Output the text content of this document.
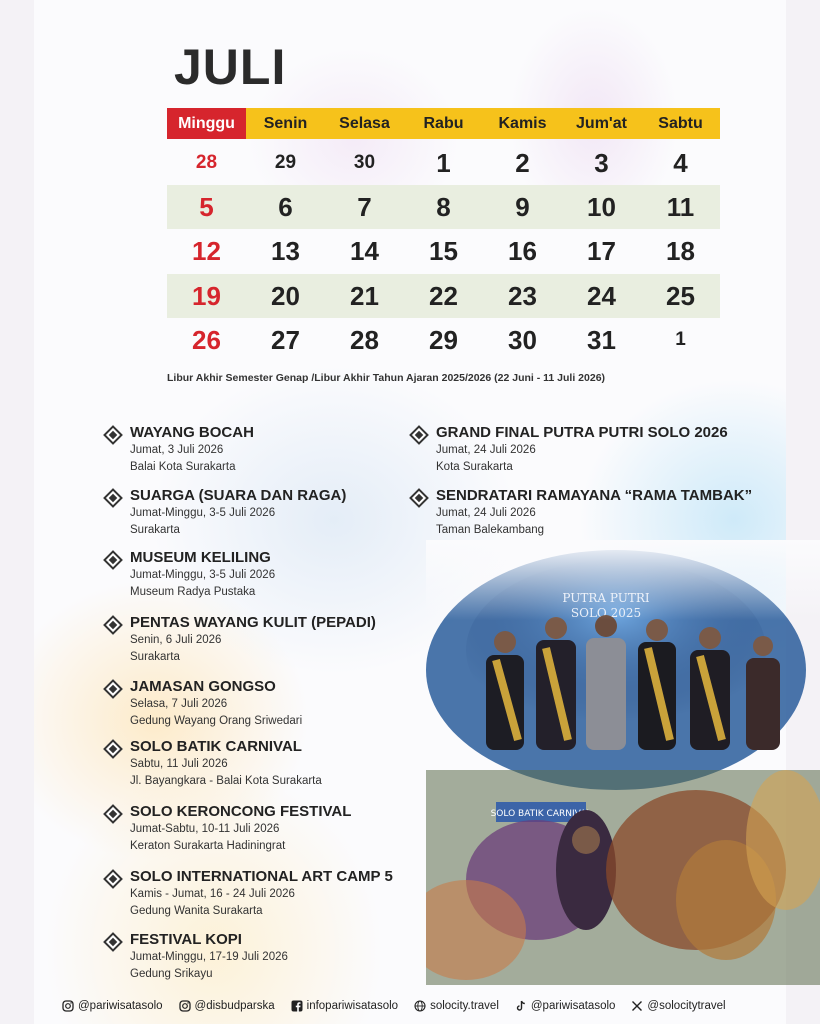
JULI
Minggu	Senin	Selasa	Rabu	Kamis	Jum'at	Sabtu
28	29	30	1	2	3	4
5	6	7	8	9	10	11
12	13	14	15	16	17	18
19	20	21	22	23	24	25
26	27	28	29	30	31	1

Libur Akhir Semester Genap /Libur Akhir Tahun Ajaran 2025/2026 (22 Juni - 11 Juli 2026)

WAYANG BOCAH
Jumat, 3 Juli 2026
Balai Kota Surakarta
SUARGA (SUARA DAN RAGA)
Jumat-Minggu, 3-5 Juli 2026
Surakarta
MUSEUM KELILING
Jumat-Minggu, 3-5 Juli 2026
Museum Radya Pustaka
PENTAS WAYANG KULIT (PEPADI)
Senin, 6 Juli 2026
Surakarta
JAMASAN GONGSO
Selasa, 7 Juli 2026
Gedung Wayang Orang Sriwedari
SOLO BATIK CARNIVAL
Sabtu, 11 Juli 2026
Jl. Bayangkara - Balai Kota Surakarta
SOLO KERONCONG FESTIVAL
Jumat-Sabtu, 10-11 Juli 2026
Keraton Surakarta Hadiningrat
SOLO INTERNATIONAL ART CAMP 5
Kamis - Jumat, 16 - 24 Juli 2026
Gedung Wanita Surakarta
FESTIVAL KOPI
Jumat-Minggu, 17-19 Juli 2026
Gedung Srikayu
GRAND FINAL PUTRA PUTRI SOLO 2026
Jumat, 24 Juli 2026
Kota Surakarta
SENDRATARI RAMAYANA “RAMA TAMBAK”
Jumat, 24 Juli 2026
Taman Balekambang
@pariwisatasolo	@disbudparska	infopariwisatasolo	solocity.travel	@pariwisatasolo	@solocitytravel
